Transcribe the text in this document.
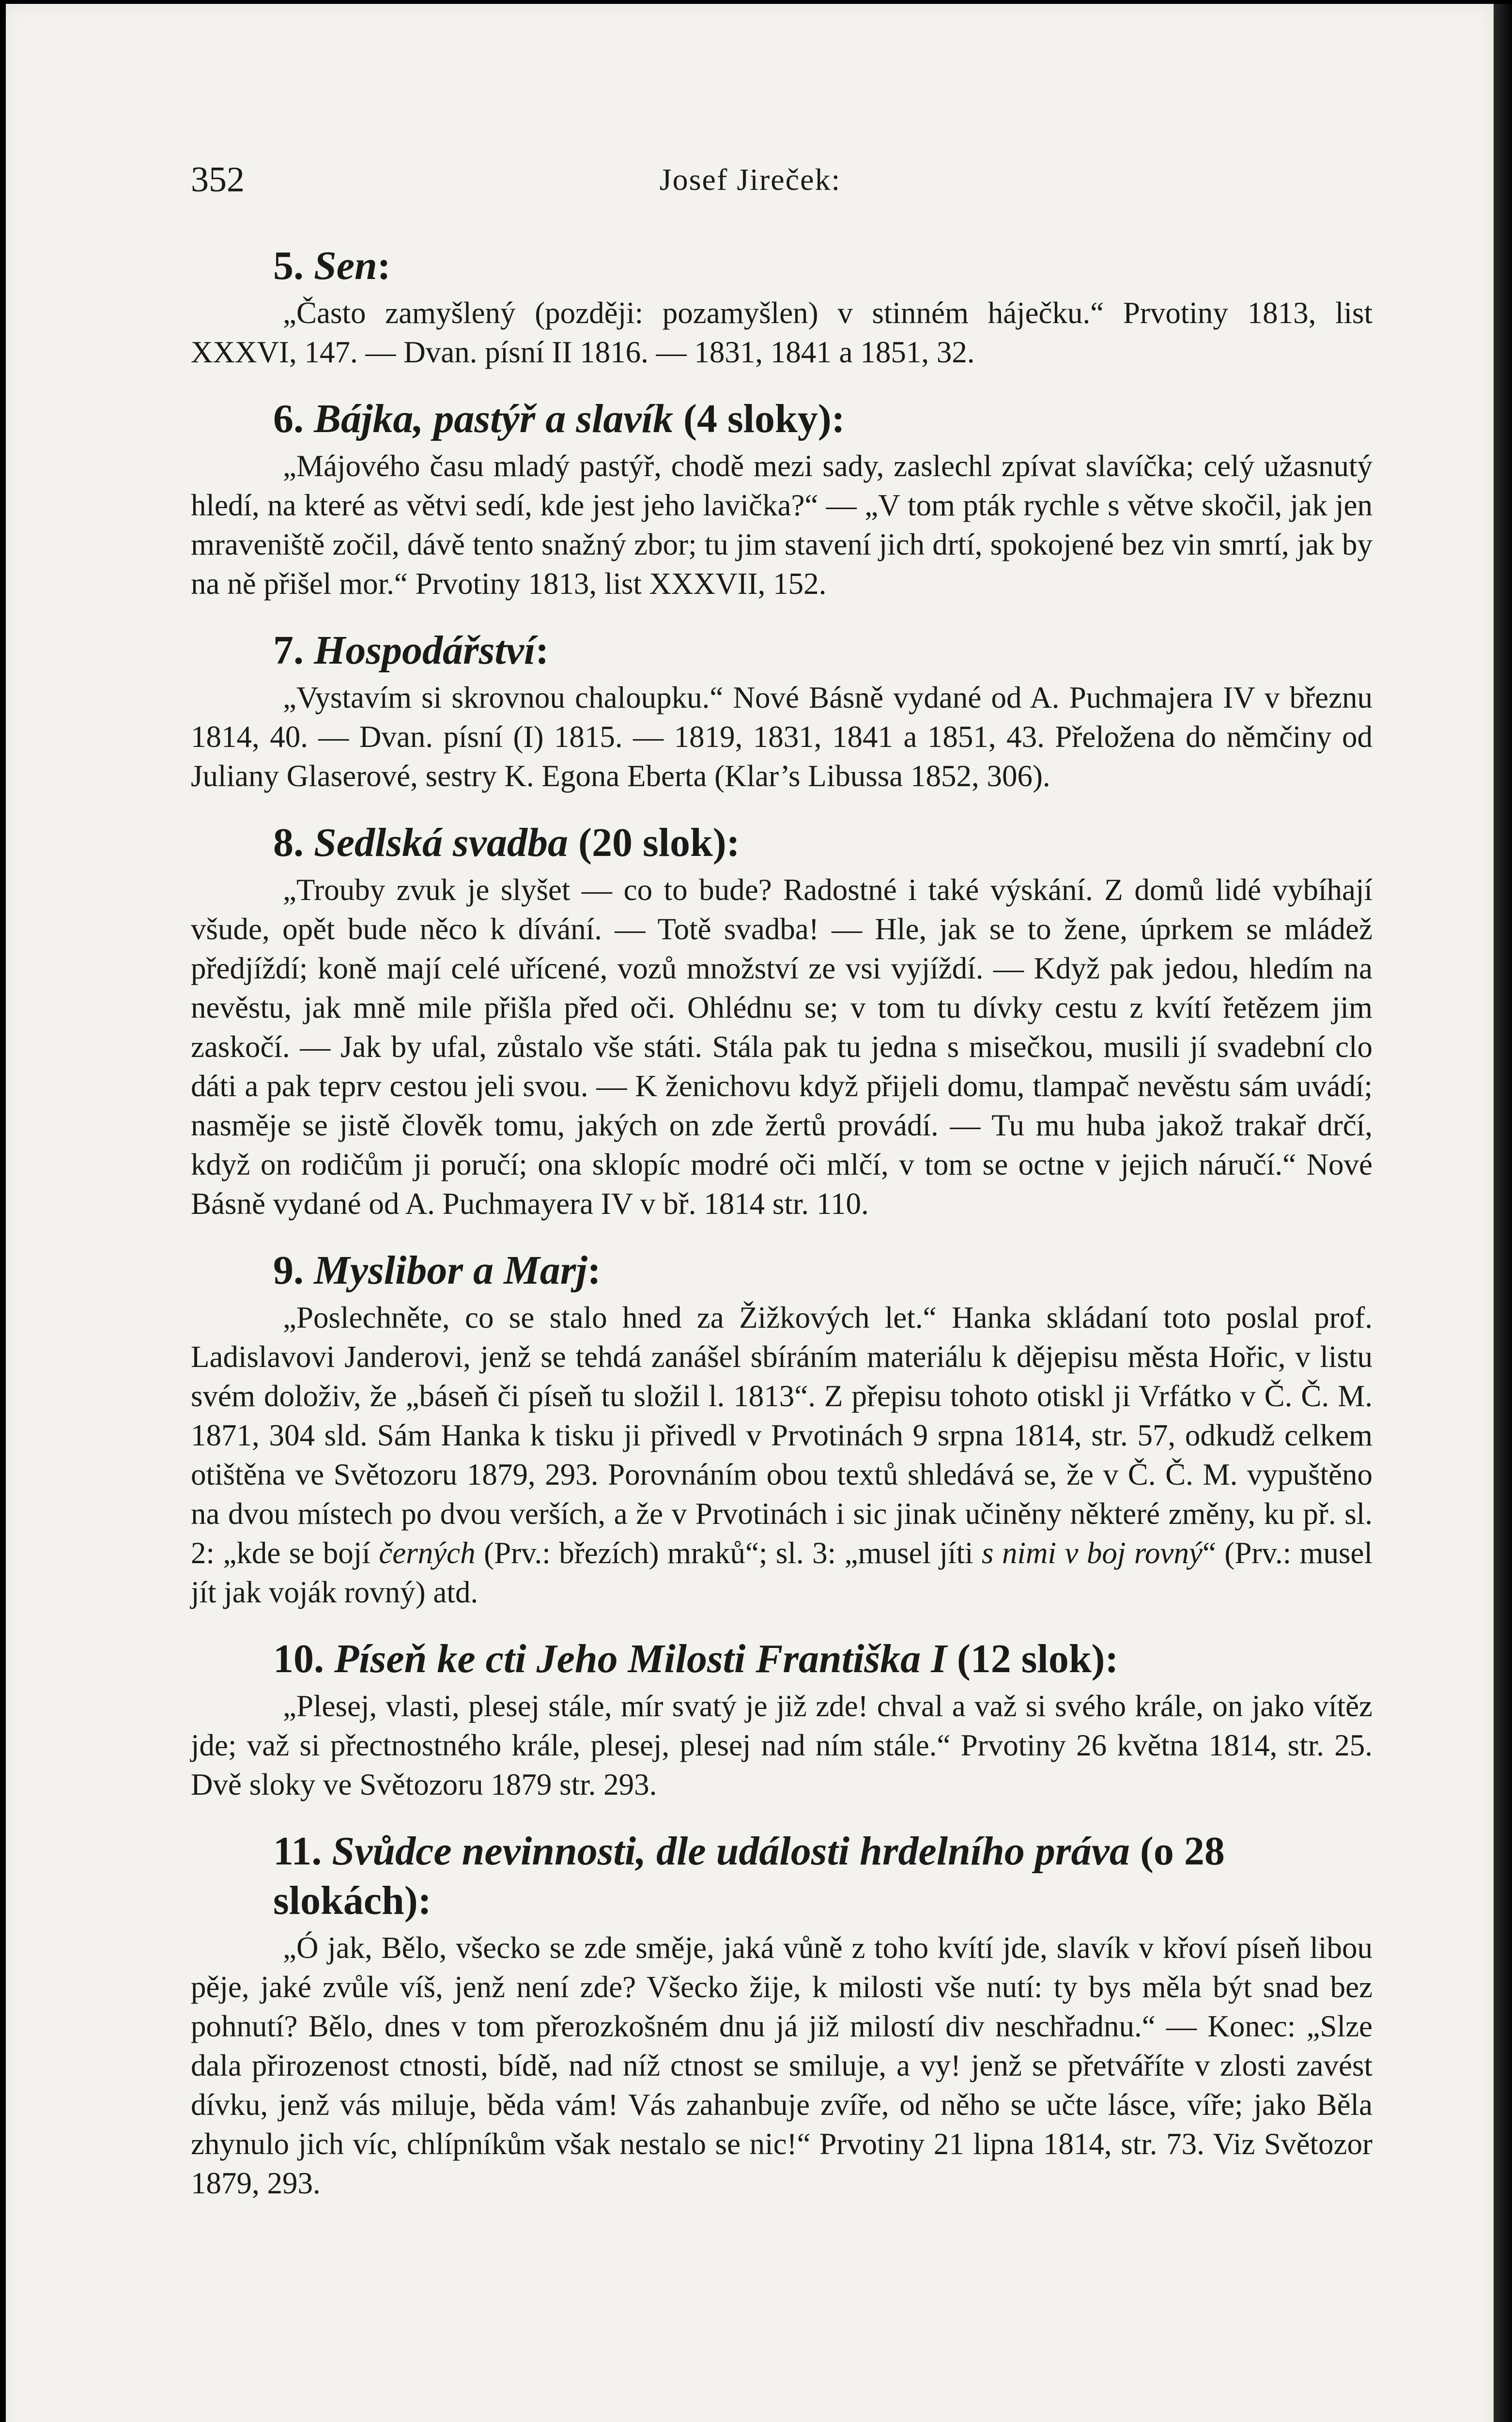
352	Josef Jireček:
5. Sen:

„Často zamyšlený (později: pozamyšlen) v stinném háječku.“ Prvotiny 1813, list XXXVI, 147. — Dvan. písní II 1816. — 1831, 1841 a 1851, 32.

6. Bájka, pastýř a slavík (4 sloky):

„Májového času mladý pastýř, chodě mezi sady, zaslechl zpívat slavíčka; celý užasnutý hledí, na které as větvi sedí, kde jest jeho lavička?“ — „V tom pták rychle s větve skočil, jak jen mraveniště zočil, dávě tento snažný zbor; tu jim stavení jich drtí, spokojené bez vin smrtí, jak by na ně přišel mor.“ Prvotiny 1813, list XXXVII, 152.

7. Hospodářství:

„Vystavím si skrovnou chaloupku.“ Nové Básně vydané od A. Puchmajera IV v březnu 1814, 40. — Dvan. písní (I) 1815. — 1819, 1831, 1841 a 1851, 43. Přeložena do němčiny od Juliany Glaserové, sestry K. Egona Eberta (Klar’s Libussa 1852, 306).

8. Sedlská svadba (20 slok):

„Trouby zvuk je slyšet — co to bude? Radostné i také výskání. Z domů lidé vybíhají všude, opět bude něco k dívání. — Totě svadba! — Hle, jak se to žene, úprkem se mládež předjíždí; koně mají celé uřícené, vozů množství ze vsi vyjíždí. — Když pak jedou, hledím na nevěstu, jak mně mile přišla před oči. Ohlédnu se; v tom tu dívky cestu z kvítí řetězem jim zaskočí. — Jak by ufal, zůstalo vše státi. Stála pak tu jedna s misečkou, musili jí svadební clo dáti a pak teprv cestou jeli svou. — K ženichovu když přijeli domu, tlampač nevěstu sám uvádí; nasměje se jistě člověk tomu, jakých on zde žertů provádí. — Tu mu huba jakož trakař drčí, když on rodičům ji poručí; ona sklopíc modré oči mlčí, v tom se octne v jejich náručí.“ Nové Básně vydané od A. Puchmayera IV v bř. 1814 str. 110.

9. Myslibor a Marj:

„Poslechněte, co se stalo hned za Žižkových let.“ Hanka skládaní toto poslal prof. Ladislavovi Janderovi, jenž se tehdá zanášel sbíráním materiálu k dějepisu města Hořic, v listu svém doloživ, že „báseň či píseň tu složil l. 1813“. Z přepisu tohoto otiskl ji Vrfátko v Č. Č. M. 1871, 304 sld. Sám Hanka k tisku ji přivedl v Prvotinách 9 srpna 1814, str. 57, odkudž celkem otištěna ve Světozoru 1879, 293. Porovnáním obou textů shledává se, že v Č. Č. M. vypuštěno na dvou místech po dvou verších, a že v Prvotinách i sic jinak učiněny některé změny, ku př. sl. 2: „kde se bojí černých (Prv.: březích) mraků“; sl. 3: „musel jíti s nimi v boj rovný“ (Prv.: musel jít jak voják rovný) atd.

10. Píseň ke cti Jeho Milosti Františka I (12 slok):

„Plesej, vlasti, plesej stále, mír svatý je již zde! chval a važ si svého krále, on jako vítěz jde; važ si přectnostného krále, plesej, plesej nad ním stále.“ Prvotiny 26 května 1814, str. 25. Dvě sloky ve Světozoru 1879 str. 293.

11. Svůdce nevinnosti, dle události hrdelního práva (o 28 slokách):

„Ó jak, Bělo, všecko se zde směje, jaká vůně z toho kvítí jde, slavík v křoví píseň libou pěje, jaké zvůle víš, jenž není zde? Všecko žije, k milosti vše nutí: ty bys měla být snad bez pohnutí? Bělo, dnes v tom přerozkošném dnu já již milostí div neschřadnu.“ — Konec: „Slze dala přirozenost ctnosti, bídě, nad níž ctnost se smiluje, a vy! jenž se přetváříte v zlosti zavést dívku, jenž vás miluje, běda vám! Vás zahanbuje zvíře, od něho se učte lásce, víře; jako Běla zhynulo jich víc, chlípníkům však nestalo se nic!“ Prvotiny 21 lipna 1814, str. 73. Viz Světozor 1879, 293.
